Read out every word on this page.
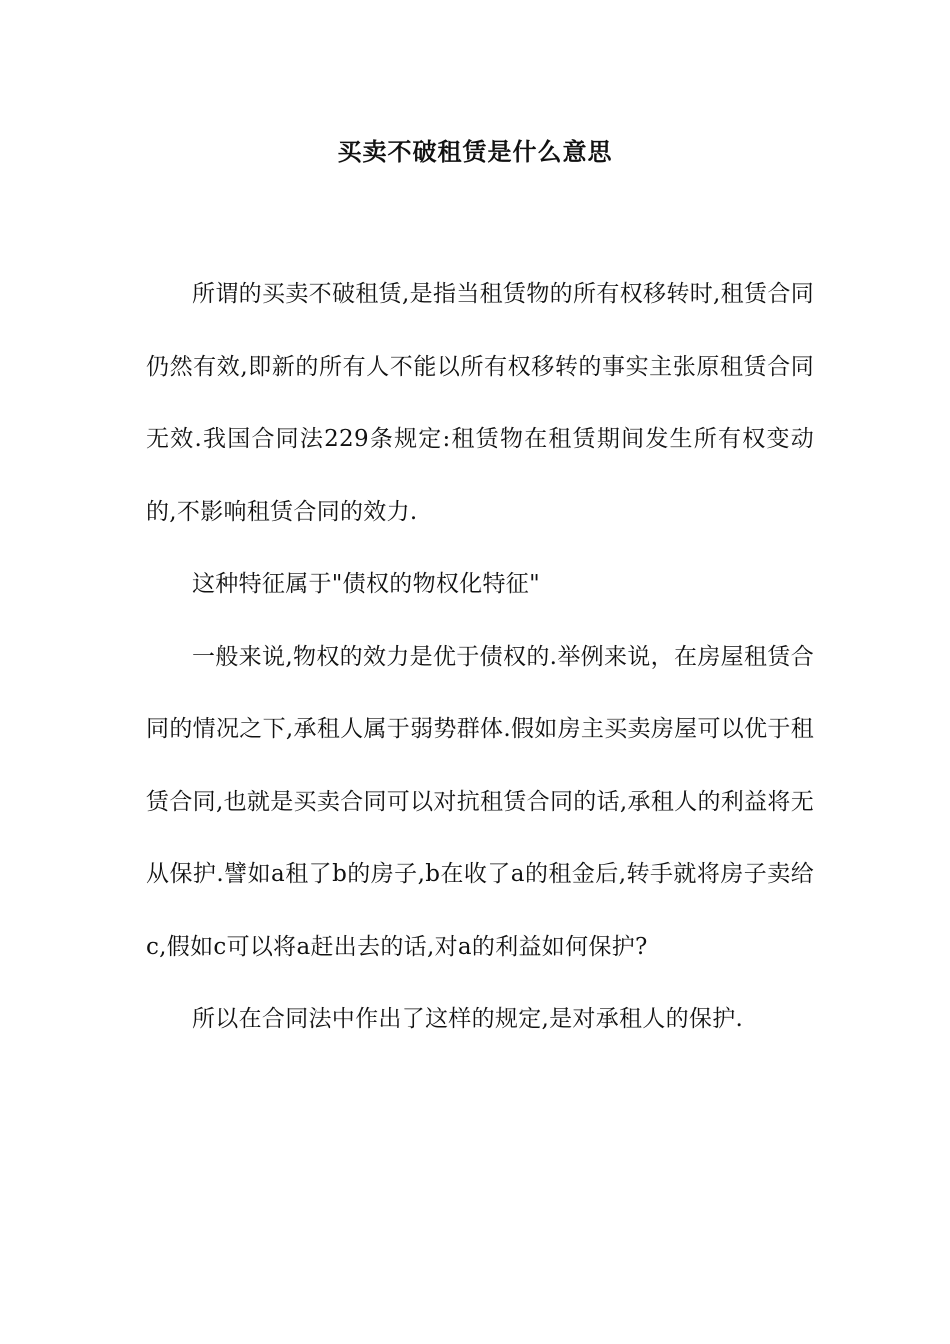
买卖不破租赁是什么意思

所谓的买卖不破租赁,是指当租赁物的所有权移转时,租赁合同仍然有效,即新的所有人不能以所有权移转的事实主张原租赁合同无效.我国合同法229条规定:租赁物在租赁期间发生所有权变动的,不影响租赁合同的效力.

这种特征属于"债权的物权化特征"

一般来说,物权的效力是优于债权的.举例来说，在房屋租赁合同的情况之下,承租人属于弱势群体.假如房主买卖房屋可以优于租赁合同,也就是买卖合同可以对抗租赁合同的话,承租人的利益将无从保护.譬如a租了b的房子,b在收了a的租金后,转手就将房子卖给c,假如c可以将a赶出去的话,对a的利益如何保护?

所以在合同法中作出了这样的规定,是对承租人的保护.
